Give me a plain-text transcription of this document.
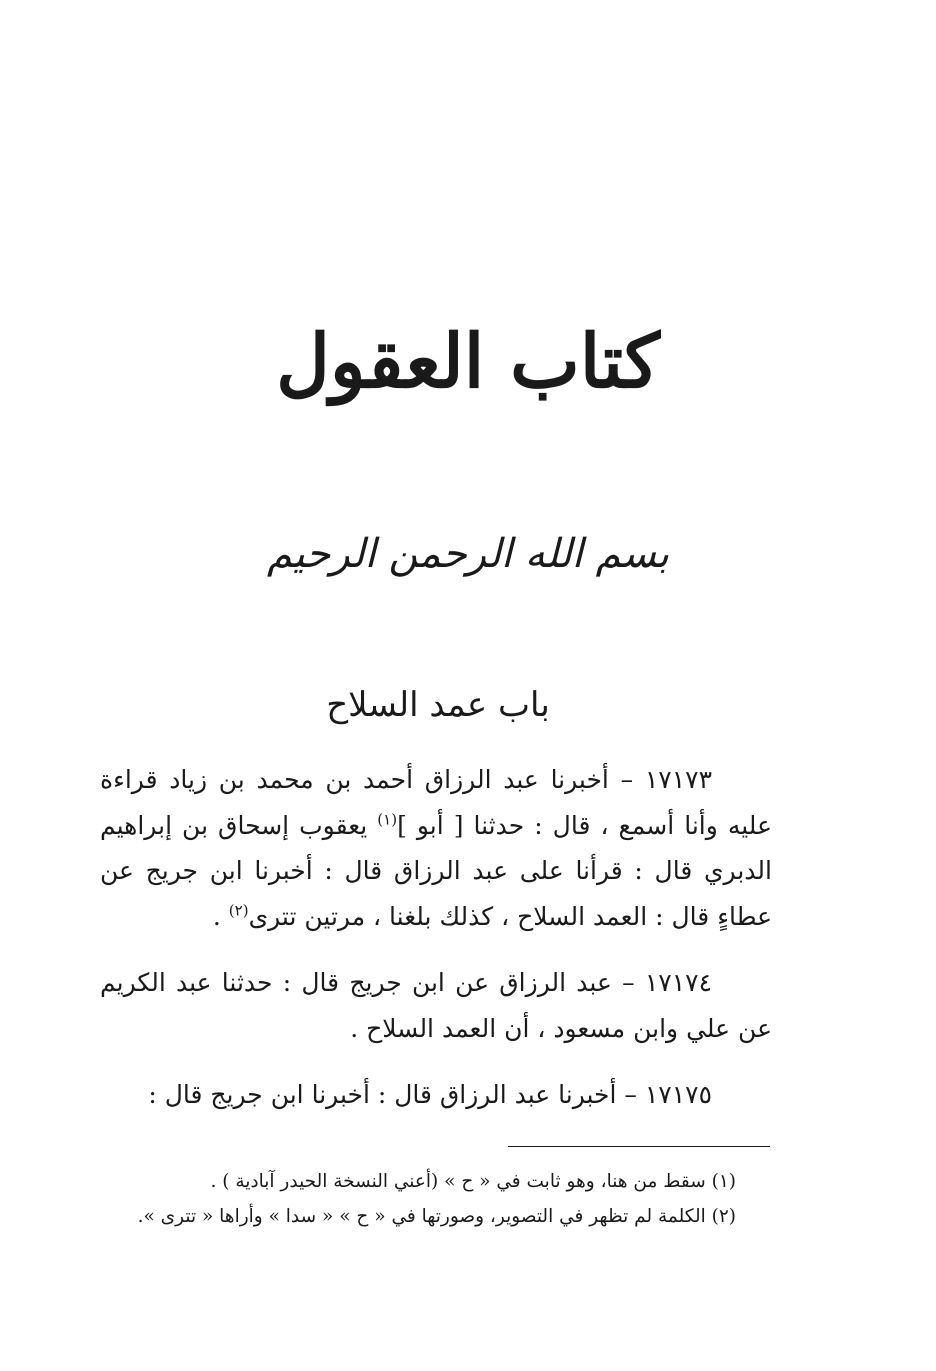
كتاب العقول
بسم الله الرحمن الرحيم
باب عمد السلاح

١٧١٧٣ – أخبرنا عبد الرزاق أحمد بن محمد بن زياد قراءة عليه وأنا أسمع ، قال : حدثنا [ أبو ]$^{(١)}$ يعقوب إسحاق بن إبراهيم الدبري قال : قرأنا على عبد الرزاق قال : أخبرنا ابن جريج عن عطاءٍ قال : العمد السلاح ، كذلك بلغنا ، مرتين تترى$^{(٢)}$ .

١٧١٧٤ – عبد الرزاق عن ابن جريج قال : حدثنا عبد الكريم عن علي وابن مسعود ، أن العمد السلاح .

١٧١٧٥ – أخبرنا عبد الرزاق قال : أخبرنا ابن جريج قال :

(١) سقط من هنا، وهو ثابت في « ح » (أعني النسخة الحيدر آبادية ) .

(٢) الكلمة لم تظهر في التصوير، وصورتها في « ح » « سدا » وأراها « تترى ».
